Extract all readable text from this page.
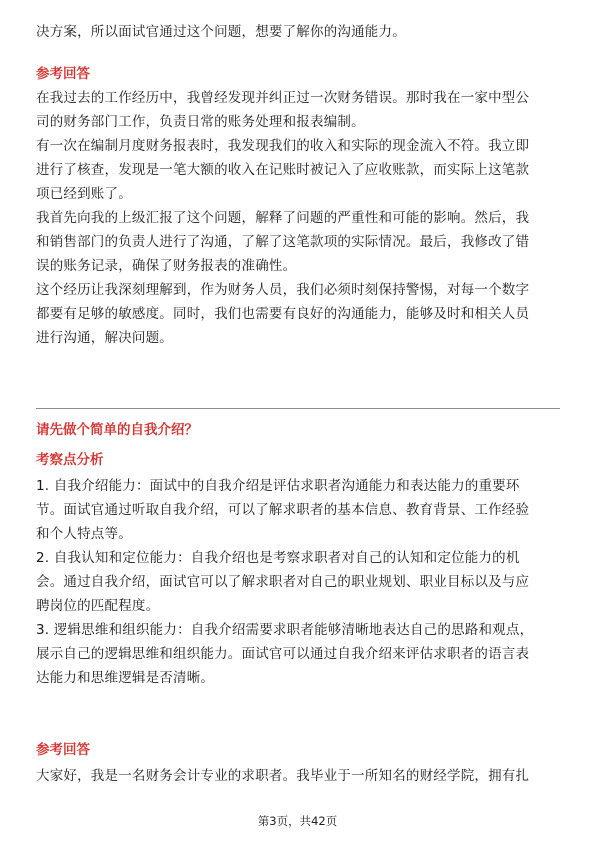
决方案，所以面试官通过这个问题，想要了解你的沟通能力。

参考回答

在我过去的工作经历中，我曾经发现并纠正过一次财务错误。那时我在一家中型公

司的财务部门工作，负责日常的账务处理和报表编制。

有一次在编制月度财务报表时，我发现我们的收入和实际的现金流入不符。我立即

进行了核查，发现是一笔大额的收入在记账时被记入了应收账款，而实际上这笔款

项已经到账了。

我首先向我的上级汇报了这个问题，解释了问题的严重性和可能的影响。然后，我

和销售部门的负责人进行了沟通，了解了这笔款项的实际情况。最后，我修改了错

误的账务记录，确保了财务报表的准确性。

这个经历让我深刻理解到，作为财务人员，我们必须时刻保持警惕，对每一个数字

都要有足够的敏感度。同时，我们也需要有良好的沟通能力，能够及时和相关人员

进行沟通，解决问题。

请先做个简单的自我介绍？
考察点分析

1. 自我介绍能力：面试中的自我介绍是评估求职者沟通能力和表达能力的重要环

节。面试官通过听取自我介绍，可以了解求职者的基本信息、教育背景、工作经验

和个人特点等。

2. 自我认知和定位能力：自我介绍也是考察求职者对自己的认知和定位能力的机

会。通过自我介绍，面试官可以了解求职者对自己的职业规划、职业目标以及与应

聘岗位的匹配程度。

3. 逻辑思维和组织能力：自我介绍需要求职者能够清晰地表达自己的思路和观点，

展示自己的逻辑思维和组织能力。面试官可以通过自我介绍来评估求职者的语言表

达能力和思维逻辑是否清晰。

参考回答

大家好，我是一名财务会计专业的求职者。我毕业于一所知名的财经学院，拥有扎

第3页，共42页
